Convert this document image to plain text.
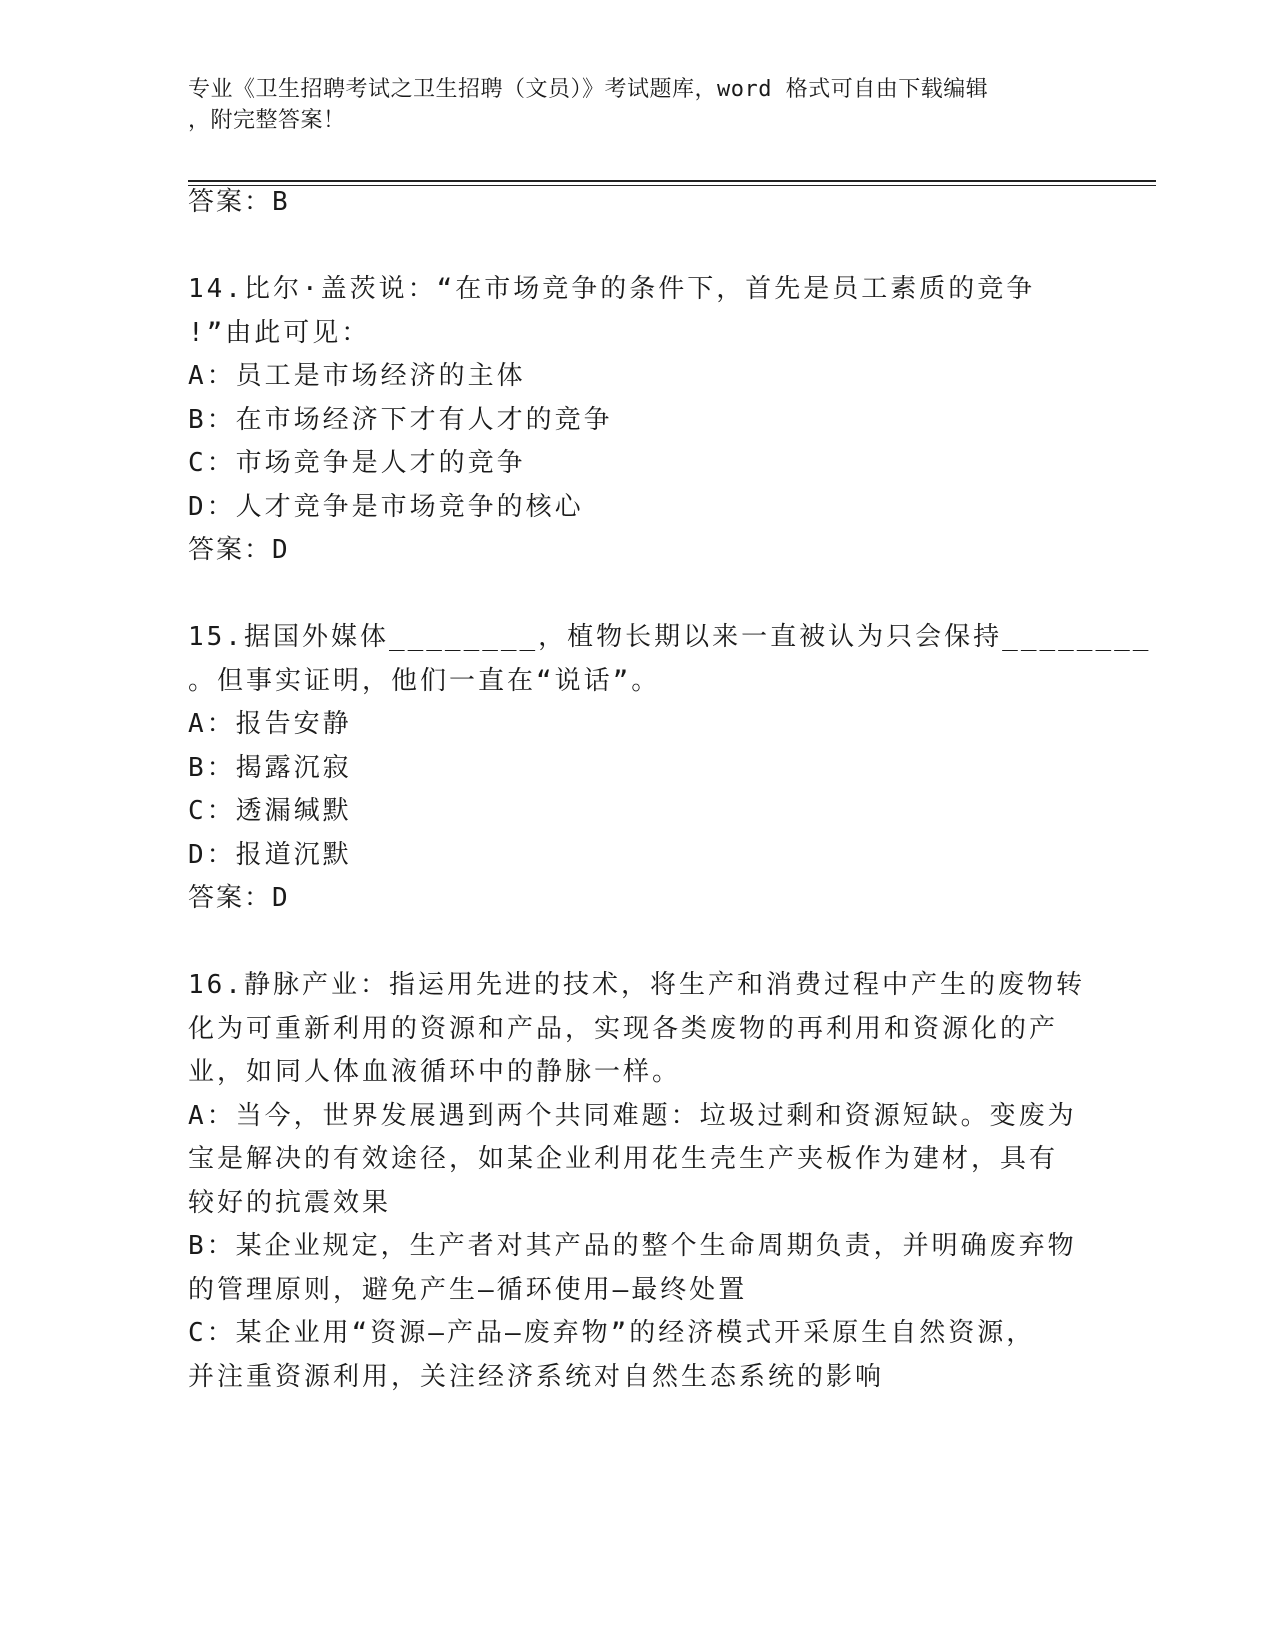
专业《卫生招聘考试之卫生招聘（文员）》考试题库，word 格式可自由下载编辑
，附完整答案！
答案：B
14.比尔·盖茨说：“在市场竞争的条件下，首先是员工素质的竞争
!”由此可见：
A：员工是市场经济的主体
B：在市场经济下才有人才的竞争
C：市场竞争是人才的竞争
D：人才竞争是市场竞争的核心
答案：D
15.据国外媒体________，植物长期以来一直被认为只会保持________
。但事实证明，他们一直在“说话”。
A：报告安静
B：揭露沉寂
C：透漏缄默
D：报道沉默
答案：D
16.静脉产业：指运用先进的技术，将生产和消费过程中产生的废物转
化为可重新利用的资源和产品，实现各类废物的再利用和资源化的产
业，如同人体血液循环中的静脉一样。
A：当今，世界发展遇到两个共同难题：垃圾过剩和资源短缺。变废为
宝是解决的有效途径，如某企业利用花生壳生产夹板作为建材，具有
较好的抗震效果
B：某企业规定，生产者对其产品的整个生命周期负责，并明确废弃物
的管理原则，避免产生—循环使用—最终处置
C：某企业用“资源—产品—废弃物”的经济模式开采原生自然资源，
并注重资源利用，关注经济系统对自然生态系统的影响
